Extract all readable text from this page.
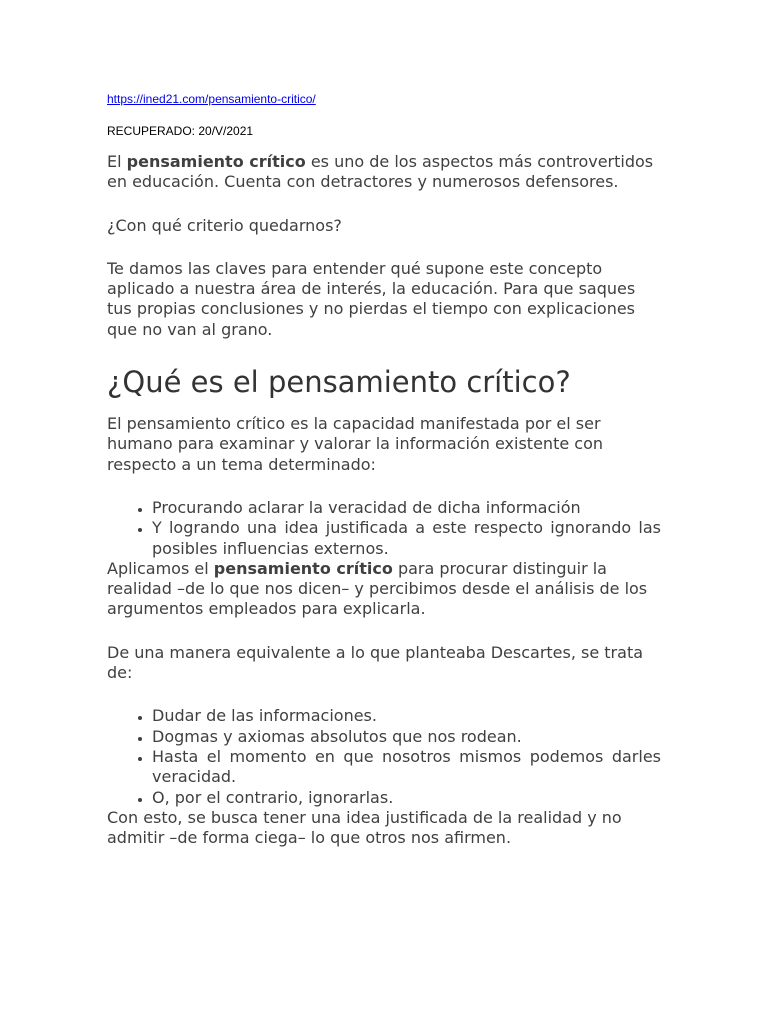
https://ined21.com/pensamiento-critico/

RECUPERADO: 20/V/2021

El pensamiento crítico es uno de los aspectos más controvertidos en educación. Cuenta con detractores y numerosos defensores.

¿Con qué criterio quedarnos?

Te damos las claves para entender qué supone este concepto aplicado a nuestra área de interés, la educación. Para que saques tus propias conclusiones y no pierdas el tiempo con explicaciones que no van al grano.

¿Qué es el pensamiento crítico?

El pensamiento crítico es la capacidad manifestada por el ser humano para examinar y valorar la información existente con respecto a un tema determinado:

• Procurando aclarar la veracidad de dicha información
• Y logrando una idea justificada a este respecto ignorando las posibles influencias externos.

Aplicamos el pensamiento crítico para procurar distinguir la realidad –de lo que nos dicen– y percibimos desde el análisis de los argumentos empleados para explicarla.

De una manera equivalente a lo que planteaba Descartes, se trata de:

• Dudar de las informaciones.
• Dogmas y axiomas absolutos que nos rodean.
• Hasta el momento en que nosotros mismos podemos darles veracidad.
• O, por el contrario, ignorarlas.

Con esto, se busca tener una idea justificada de la realidad y no admitir –de forma ciega– lo que otros nos afirmen.
